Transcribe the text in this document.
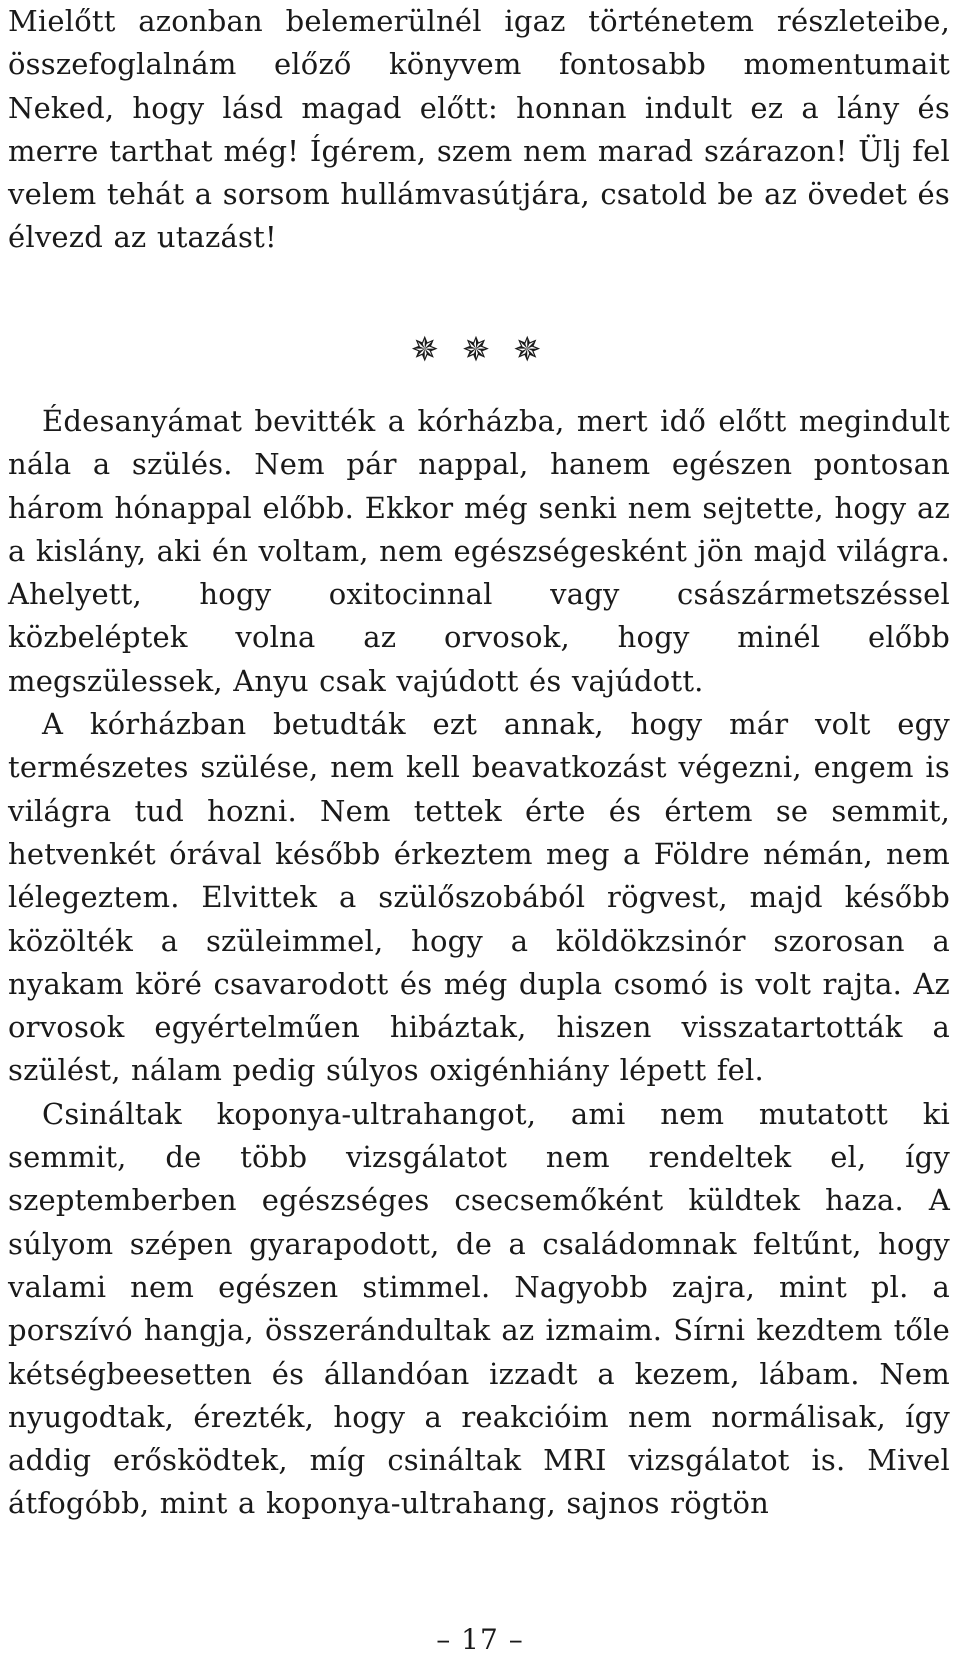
Mielőtt azonban belemerülnél igaz történetem részleteibe, összefoglalnám előző könyvem fontosabb momentumait Neked, hogy lásd magad előtt: honnan indult ez a lány és merre tarthat még! Ígérem, szem nem marad szárazon! Ülj fel velem tehát a sorsom hullámvasútjára, csatold be az övedet és élvezd az utazást!

✵ ✵ ✵

Édesanyámat bevitték a kórházba, mert idő előtt megindult nála a szülés. Nem pár nappal, hanem egészen pontosan három hónappal előbb. Ekkor még senki nem sejtette, hogy az a kislány, aki én voltam, nem egészségesként jön majd világra. Ahelyett, hogy oxitocinnal vagy császármetszéssel közbeléptek volna az orvosok, hogy minél előbb megszülessek, Anyu csak vajúdott és vajúdott.

A kórházban betudták ezt annak, hogy már volt egy természetes szülése, nem kell beavatkozást végezni, engem is világra tud hozni. Nem tettek érte és értem se semmit, hetvenkét órával később érkeztem meg a Földre némán, nem lélegeztem. Elvittek a szülőszobából rögvest, majd később közölték a szüleimmel, hogy a köldökzsinór szorosan a nyakam köré csavarodott és még dupla csomó is volt rajta. Az orvosok egyértelműen hibáztak, hiszen visszatartották a szülést, nálam pedig súlyos oxigénhiány lépett fel.

Csináltak koponya-ultrahangot, ami nem mutatott ki semmit, de több vizsgálatot nem rendeltek el, így szeptemberben egészséges csecsemőként küldtek haza. A súlyom szépen gyarapodott, de a családomnak feltűnt, hogy valami nem egészen stimmel. Nagyobb zajra, mint pl. a porszívó hangja, összerándultak az izmaim. Sírni kezdtem tőle kétségbeesetten és állandóan izzadt a kezem, lábam. Nem nyugodtak, érezték, hogy a reakcióim nem normálisak, így addig erősködtek, míg csináltak MRI vizsgálatot is. Mivel átfogóbb, mint a koponya-ultrahang, sajnos rögtön

– 17 –
